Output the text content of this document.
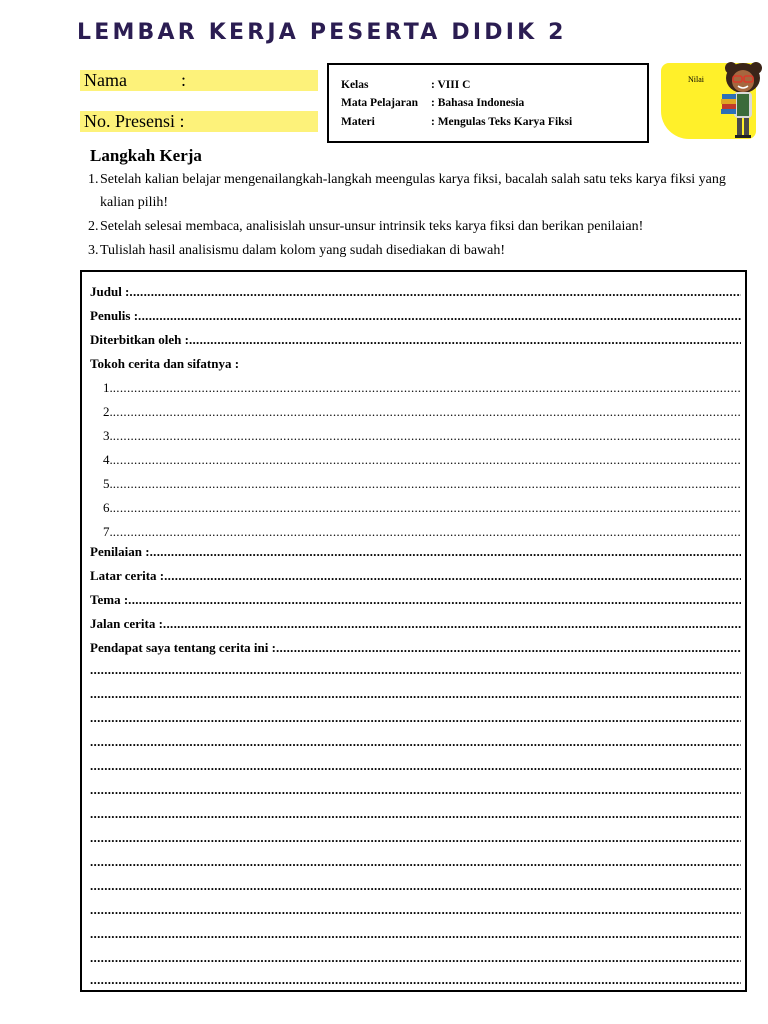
LEMBAR KERJA PESERTA DIDIK 2
Nama            :
No. Presensi :
Kelas	: VIII C
Mata Pelajaran : Bahasa Indonesia
Materi	: Mengulas Teks Karya Fiksi
Nilai
Langkah Kerja
1. Setelah kalian belajar mengenailangkah-langkah meengulas karya fiksi, bacalah salah satu teks karya fiksi yang kalian pilih!
2. Setelah selesai membaca, analisislah unsur-unsur intrinsik teks karya fiksi dan berikan penilaian!
3. Tulislah hasil analisismu dalam kolom yang sudah disediakan di bawah!
Judul :
.....
Penulis :
.....
Diterbitkan oleh :
.....
Tokoh cerita dan sifatnya :
1.
.....
2.
.....
3.
.....
4.
.....
5.
.....
6.
.....
7.
.....
Penilaian :
.....
Latar cerita :
.....
Tema :
.....
Jalan cerita :
.....
Pendapat saya tentang cerita ini :
.....
.....
.....
.....
.....
.....
.....
.....
.....
.....
.....
.....
.....
.....
.....
